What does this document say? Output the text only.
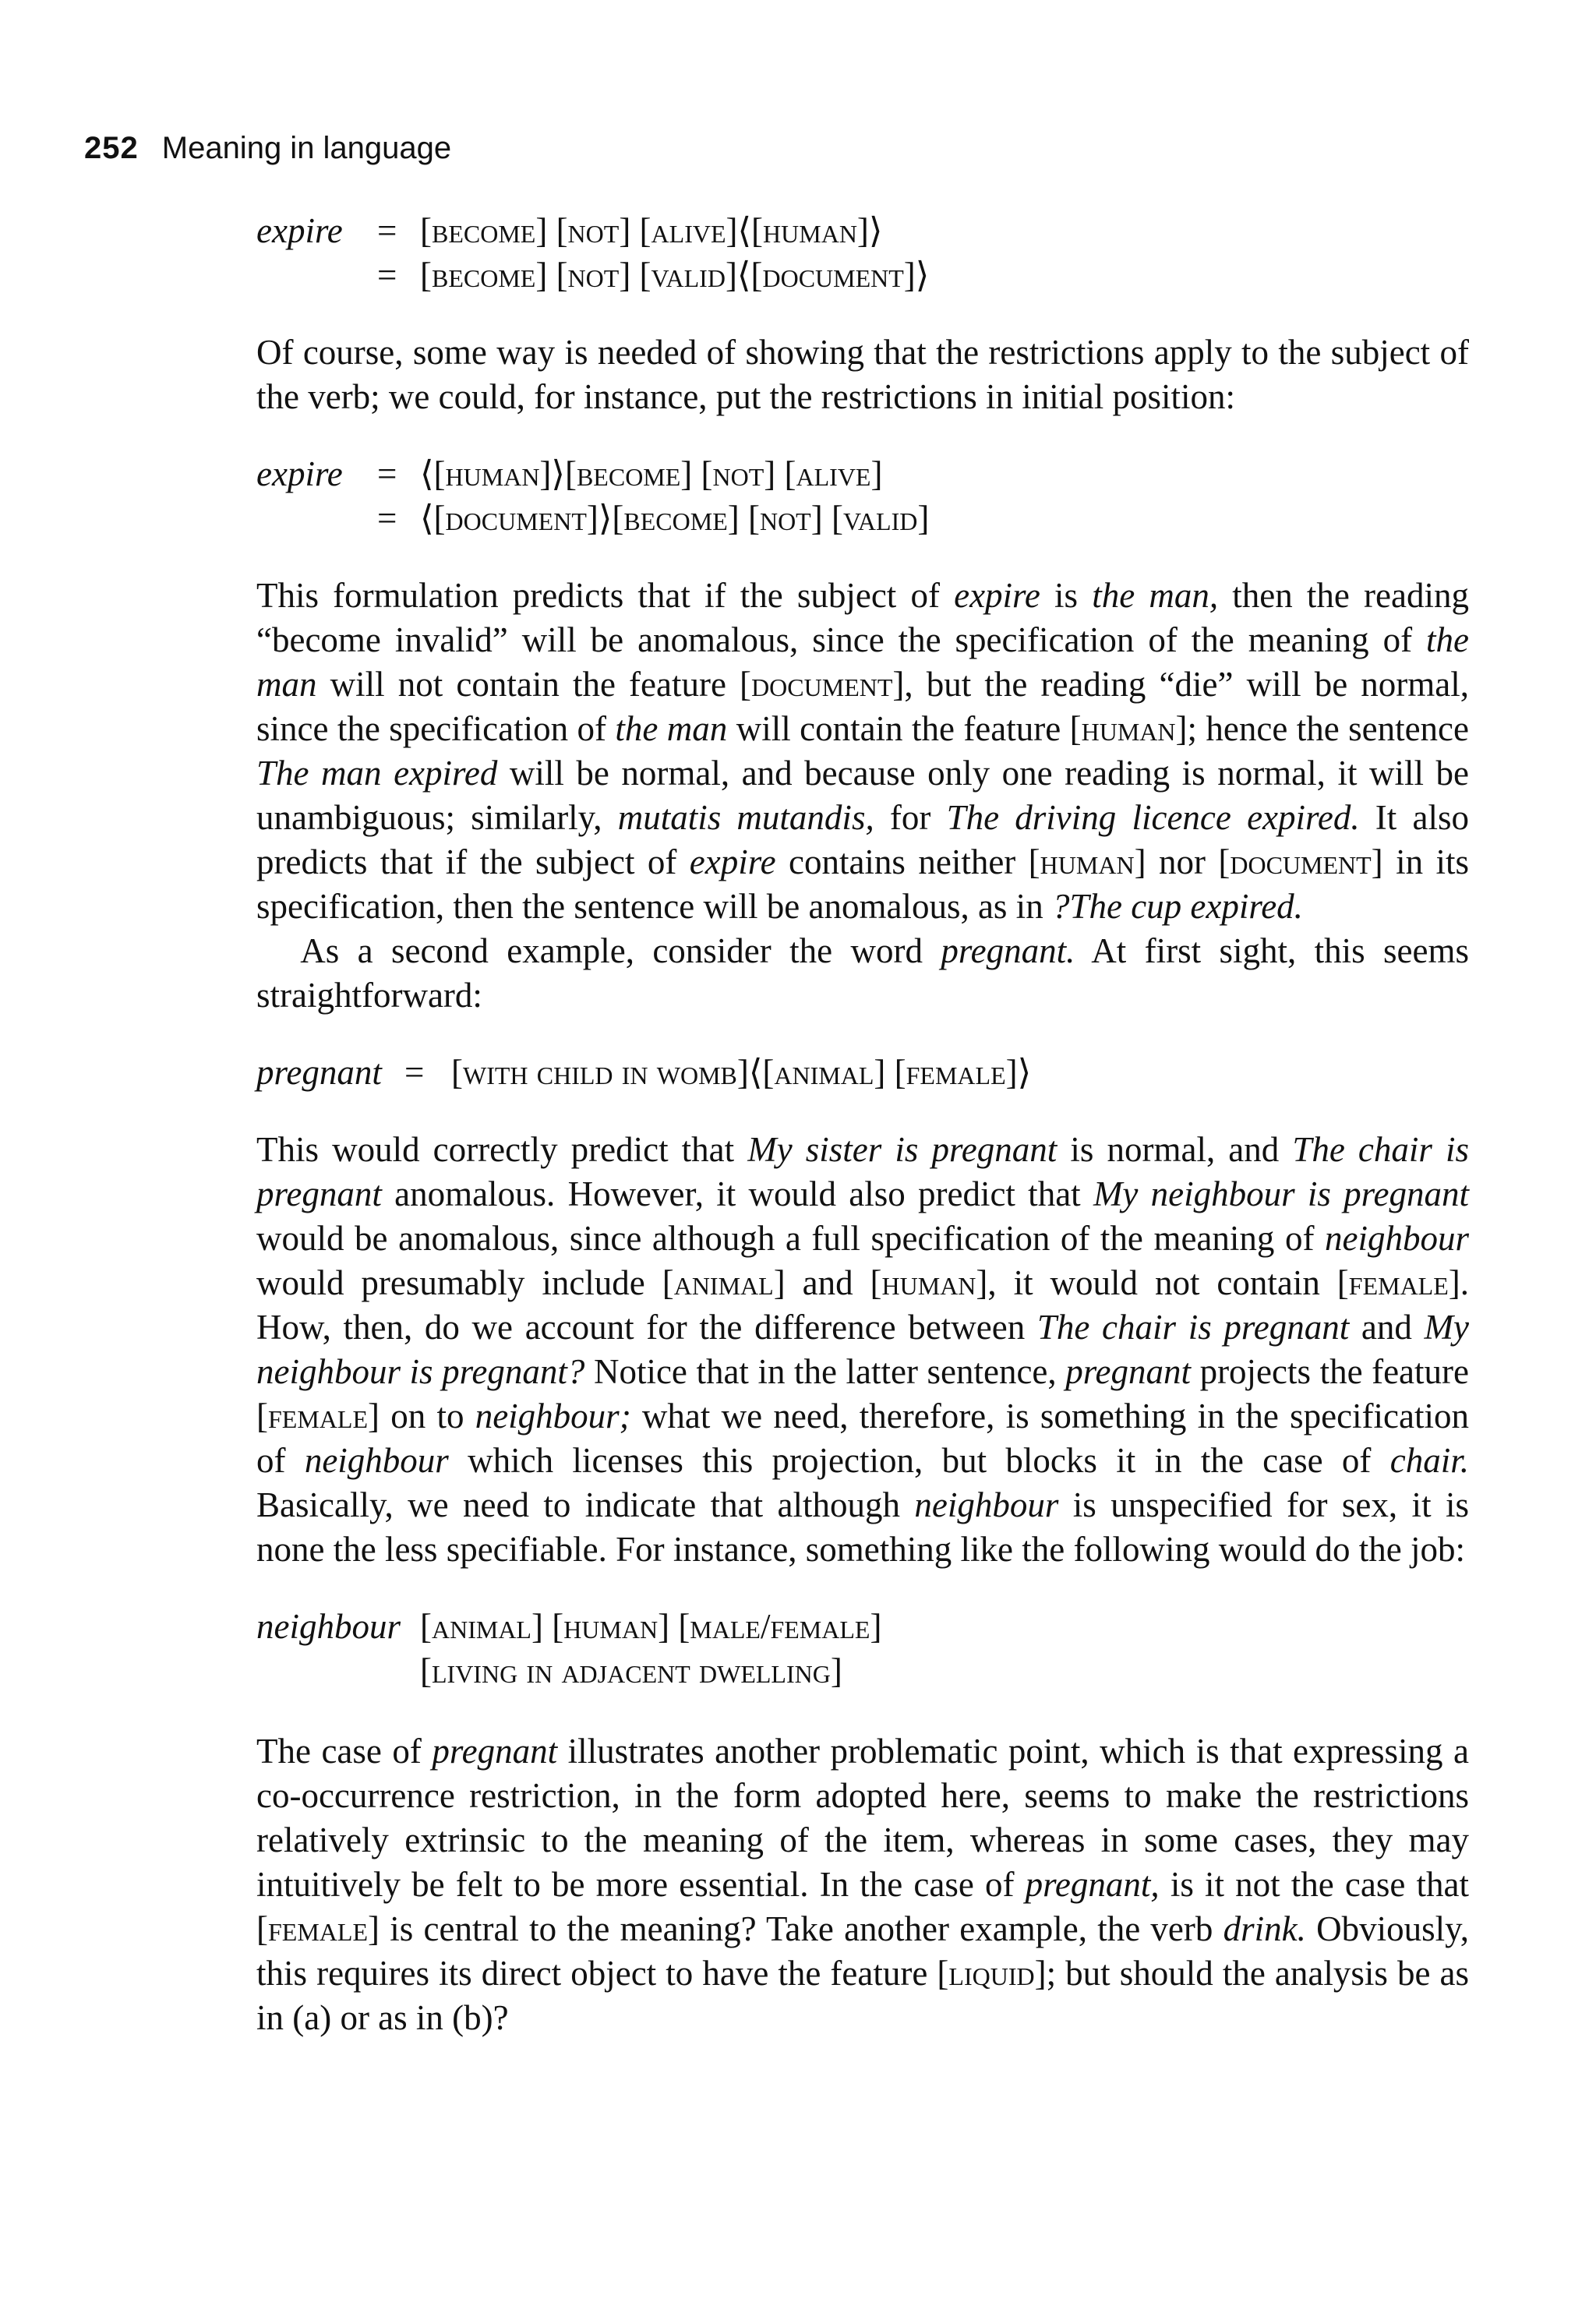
252 Meaning in language
expire =
=
[become] [not] [alive]⟨[human]⟩
[become] [not] [valid]⟨[document]⟩

Of course, some way is needed of showing that the restrictions apply to the subject of the verb; we could, for instance, put the restrictions in initial position:

expire =
=
⟨[human]⟩[become] [not] [alive]
⟨[document]⟩[become] [not] [valid]

This formulation predicts that if the subject of expire is the man, then the reading “become invalid” will be anomalous, since the specification of the meaning of the man will not contain the feature [document], but the reading “die” will be normal, since the specification of the man will contain the feature [human]; hence the sentence The man expired will be normal, and because only one reading is normal, it will be unambiguous; similarly, mutatis mutandis, for The driving licence expired. It also predicts that if the subject of expire contains neither [human] nor [document] in its specification, then the sentence will be anomalous, as in ?The cup expired.

As a second example, consider the word pregnant. At first sight, this seems straightforward:

pregnant = [with child in womb]⟨[animal] [female]⟩

This would correctly predict that My sister is pregnant is normal, and The chair is pregnant anomalous. However, it would also predict that My neighbour is pregnant would be anomalous, since although a full specification of the meaning of neighbour would presumably include [animal] and [human], it would not contain [female]. How, then, do we account for the difference between The chair is pregnant and My neighbour is pregnant? Notice that in the latter sentence, pregnant projects the feature [female] on to neighbour; what we need, therefore, is something in the specification of neighbour which licenses this projection, but blocks it in the case of chair. Basically, we need to indicate that although neighbour is unspecified for sex, it is none the less specifiable. For instance, something like the following would do the job:

neighbour [animal] [human] [male/female]
[living in adjacent dwelling]

The case of pregnant illustrates another problematic point, which is that expressing a co-occurrence restriction, in the form adopted here, seems to make the restrictions relatively extrinsic to the meaning of the item, whereas in some cases, they may intuitively be felt to be more essential. In the case of pregnant, is it not the case that [female] is central to the meaning? Take another example, the verb drink. Obviously, this requires its direct object to have the feature [liquid]; but should the analysis be as in (a) or as in (b)?
